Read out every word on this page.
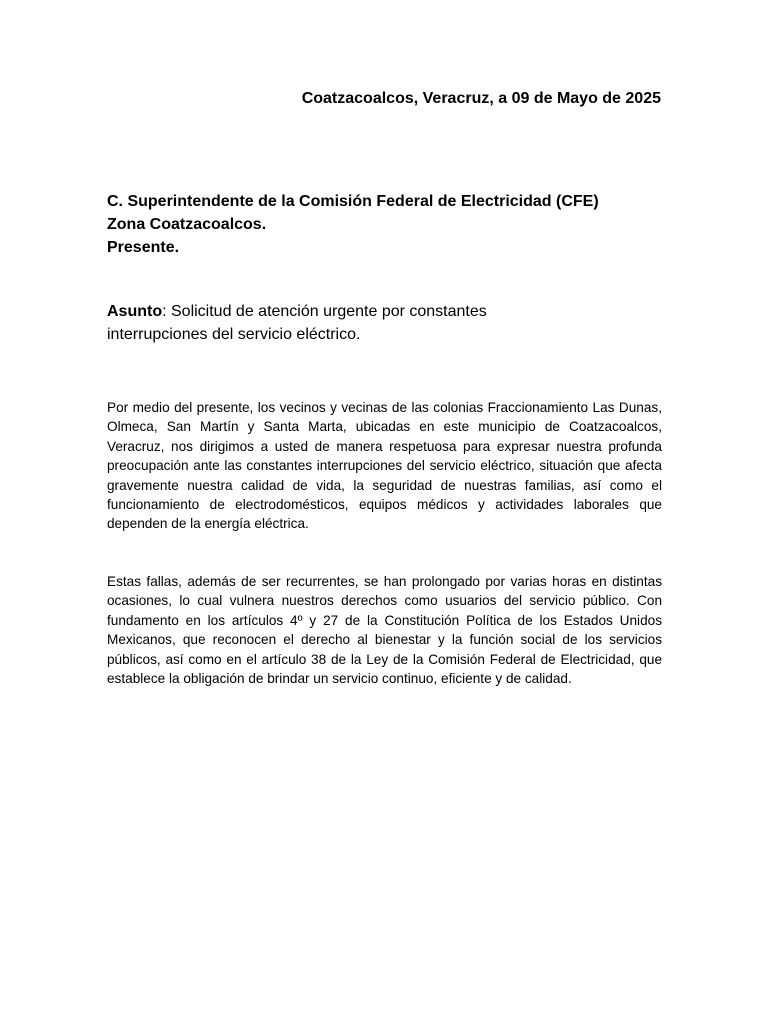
Coatzacoalcos, Veracruz, a 09 de Mayo de 2025
C. Superintendente de la Comisión Federal de Electricidad (CFE)
Zona Coatzacoalcos.
Presente.
Asunto: Solicitud de atención urgente por constantes interrupciones del servicio eléctrico.
Por medio del presente, los vecinos y vecinas de las colonias Fraccionamiento Las Dunas, Olmeca, San Martín y Santa Marta, ubicadas en este municipio de Coatzacoalcos, Veracruz, nos dirigimos a usted de manera respetuosa para expresar nuestra profunda preocupación ante las constantes interrupciones del servicio eléctrico, situación que afecta gravemente nuestra calidad de vida, la seguridad de nuestras familias, así como el funcionamiento de electrodomésticos, equipos médicos y actividades laborales que dependen de la energía eléctrica.
Estas fallas, además de ser recurrentes, se han prolongado por varias horas en distintas ocasiones, lo cual vulnera nuestros derechos como usuarios del servicio público. Con fundamento en los artículos 4º y 27 de la Constitución Política de los Estados Unidos Mexicanos, que reconocen el derecho al bienestar y la función social de los servicios públicos, así como en el artículo 38 de la Ley de la Comisión Federal de Electricidad, que establece la obligación de brindar un servicio continuo, eficiente y de calidad.
